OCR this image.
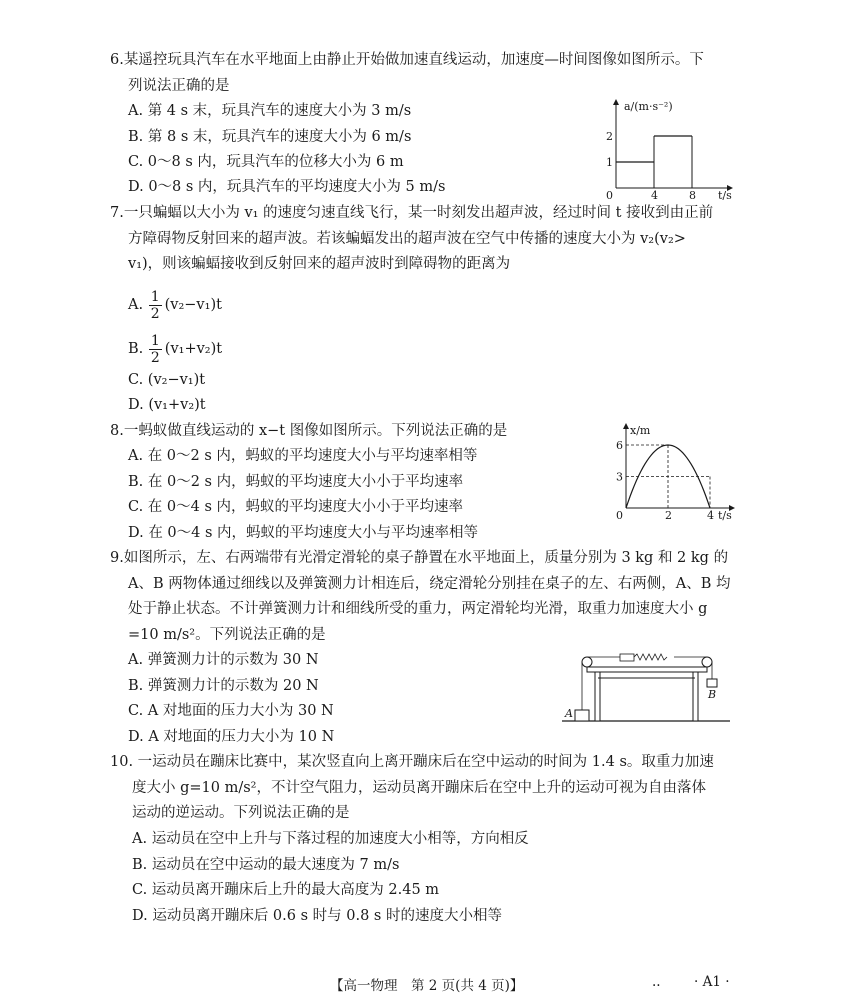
6.某遥控玩具汽车在水平地面上由静止开始做加速直线运动，加速度—时间图像如图所示。下
列说法正确的是
A. 第 4 s 末，玩具汽车的速度大小为 3 m/s
B. 第 8 s 末，玩具汽车的速度大小为 6 m/s
C. 0～8 s 内，玩具汽车的位移大小为 6 m
D. 0～8 s 内，玩具汽车的平均速度大小为 5 m/s
a/(m·s⁻²)
t/s
0	4	8
1
2
7.一只蝙蝠以大小为 v₁ 的速度匀速直线飞行，某一时刻发出超声波，经过时间 t 接收到由正前
方障碍物反射回来的超声波。若该蝙蝠发出的超声波在空气中传播的速度大小为 v₂(v₂>
v₁)，则该蝙蝠接收到反射回来的超声波时到障碍物的距离为
A. $\frac{1}{2} (v_2-v_1)t$
B. $\frac{1}{2} (v_1+v_2)t$
C. (v₂−v₁)t
D. (v₁+v₂)t
8.一蚂蚁做直线运动的 x−t 图像如图所示。下列说法正确的是
A. 在 0～2 s 内，蚂蚁的平均速度大小与平均速率相等
B. 在 0～2 s 内，蚂蚁的平均速度大小小于平均速率
C. 在 0～4 s 内，蚂蚁的平均速度大小小于平均速率
D. 在 0～4 s 内，蚂蚁的平均速度大小与平均速率相等
x/m
t/s
0	2	4
3
6
9.如图所示，左、右两端带有光滑定滑轮的桌子静置在水平地面上，质量分别为 3 kg 和 2 kg 的
A、B 两物体通过细线以及弹簧测力计相连后，绕定滑轮分别挂在桌子的左、右两侧，A、B 均
处于静止状态。不计弹簧测力计和细线所受的重力，两定滑轮均光滑，取重力加速度大小 g
=10 m/s²。下列说法正确的是
A. 弹簧测力计的示数为 30 N
B. 弹簧测力计的示数为 20 N
C. A 对地面的压力大小为 30 N
D. A 对地面的压力大小为 10 N
A
B
10. 一运动员在蹦床比赛中，某次竖直向上离开蹦床后在空中运动的时间为 1.4 s。取重力加速
度大小 g=10 m/s²，不计空气阻力，运动员离开蹦床后在空中上升的运动可视为自由落体
运动的逆运动。下列说法正确的是
A. 运动员在空中上升与下落过程的加速度大小相等，方向相反
B. 运动员在空中运动的最大速度为 7 m/s
C. 运动员离开蹦床后上升的最大高度为 2.45 m
D. 运动员离开蹦床后 0.6 s 时与 0.8 s 时的速度大小相等
【高一物理　第 2 页(共 4 页)】	.. · A1 ·
